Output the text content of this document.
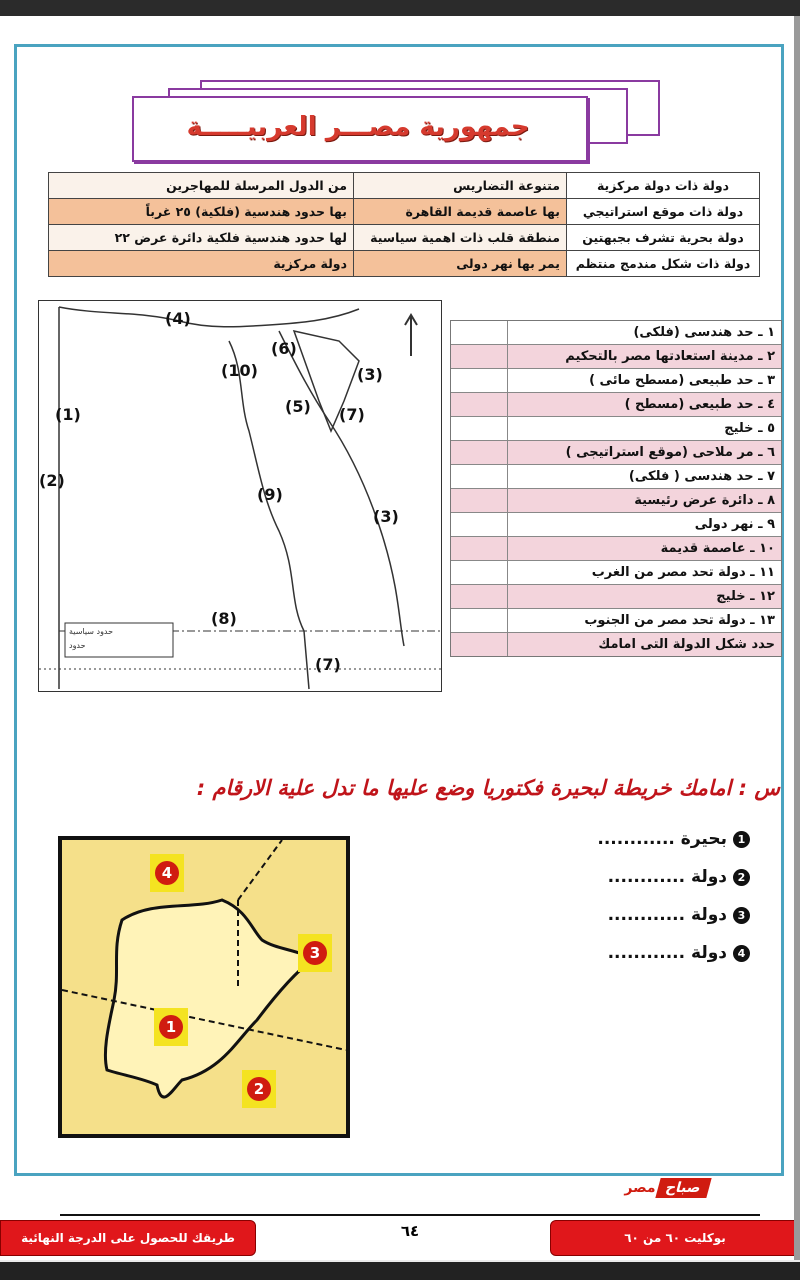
جمهورية مصـــر العربيـــــة
دولة ذات دولة مركزية	متنوعة التضاريس	من الدول المرسلة للمهاجرين
دولة ذات موقع استراتيجي	بها عاصمة قديمة القاهرة	بها حدود هندسية (فلكية) ٢٥ غرباً
دولة بحرية تشرف بجبهتين	منطقة قلب ذات اهمية سياسية	لها حدود هندسية فلكية دائرة عرض ٢٢
دولة ذات شكل مندمج منتظم	يمر بها نهر دولى	دولة مركزية
(4)
(1)
(2)
(5)
(6)
(7)
(3)
(10)
(9)
(3)
(8)
(7)
حدود سياسية
حدود
١ ـ حد هندسى (فلكى)
٢ ـ مدينة استعادتها مصر بالتحكيم
٣ ـ حد طبيعى (مسطح مائى )
٤ ـ حد طبيعى (مسطح )
٥ ـ خليج
٦ ـ مر ملاحى (موقع استراتيجى )
٧ ـ حد هندسى ( فلكى)
٨ ـ دائرة عرض رئيسية
٩ ـ نهر دولى
١٠ ـ عاصمة قديمة
١١ ـ دولة تحد مصر من الغرب
١٢ ـ خليج
١٣ ـ دولة تحد مصر من الجنوب
حدد شكل الدولة التى امامك
س : امامك خريطة لبحيرة فكتوريا وضع عليها ما تدل علية الارقام :
4
3
1
2
1
بحيرة ............
2
دولة ............
3
دولة ............
4
دولة ............
مصر صباح
٦٤
طريقك للحصول على الدرجة النهائية	بوكليت ٦٠ من ٦٠
